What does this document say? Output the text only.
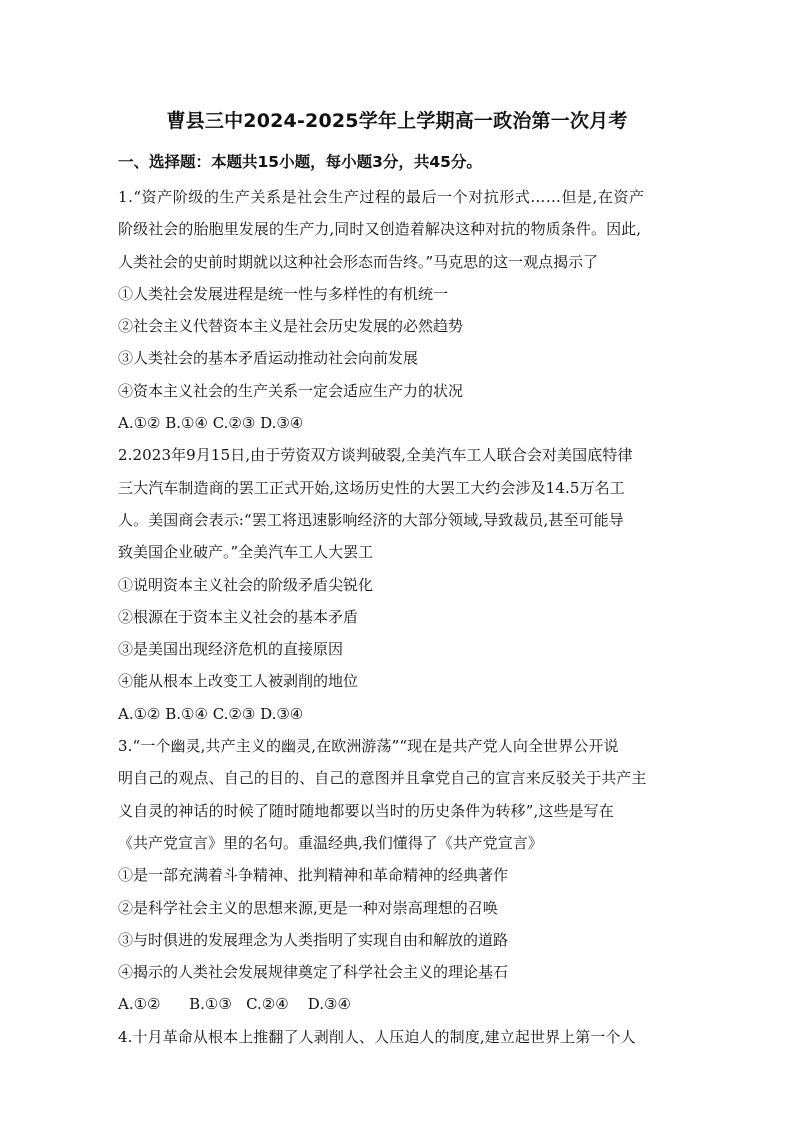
曹县三中2024-2025学年上学期高一政治第一次月考
一、选择题：本题共15小题，每小题3分，共45分。
1.“资产阶级的生产关系是社会生产过程的最后一个对抗形式……但是,在资产
阶级社会的胎胞里发展的生产力,同时又创造着解决这种对抗的物质条件。因此,
人类社会的史前时期就以这种社会形态而告终。”马克思的这一观点揭示了
①人类社会发展进程是统一性与多样性的有机统一
②社会主义代替资本主义是社会历史发展的必然趋势
③人类社会的基本矛盾运动推动社会向前发展
④资本主义社会的生产关系一定会适应生产力的状况
A.①② B.①④ C.②③ D.③④
2.2023年9月15日,由于劳资双方谈判破裂,全美汽车工人联合会对美国底特律
三大汽车制造商的罢工正式开始,这场历史性的大罢工大约会涉及14.5万名工
人。美国商会表示:“罢工将迅速影响经济的大部分领域,导致裁员,甚至可能导
致美国企业破产。”全美汽车工人大罢工
①说明资本主义社会的阶级矛盾尖锐化
②根源在于资本主义社会的基本矛盾
③是美国出现经济危机的直接原因
④能从根本上改变工人被剥削的地位
A.①② B.①④ C.②③ D.③④
3.“一个幽灵,共产主义的幽灵,在欧洲游荡”“现在是共产党人向全世界公开说
明自己的观点、自己的目的、自己的意图并且拿党自己的宣言来反驳关于共产主
义自灵的神话的时候了随时随地都要以当时的历史条件为转移”,这些是写在
《共产党宣言》里的名句。重温经典,我们懂得了《共产党宣言》
①是一部充满着斗争精神、批判精神和革命精神的经典著作
②是科学社会主义的思想来源,更是一种对崇高理想的召唤
③与时俱进的发展理念为人类指明了实现自由和解放的道路
④揭示的人类社会发展规律奠定了科学社会主义的理论基石
A.①②      B.①③   C.②④    D.③④
4.十月革命从根本上推翻了人剥削人、人压迫人的制度,建立起世界上第一个人
